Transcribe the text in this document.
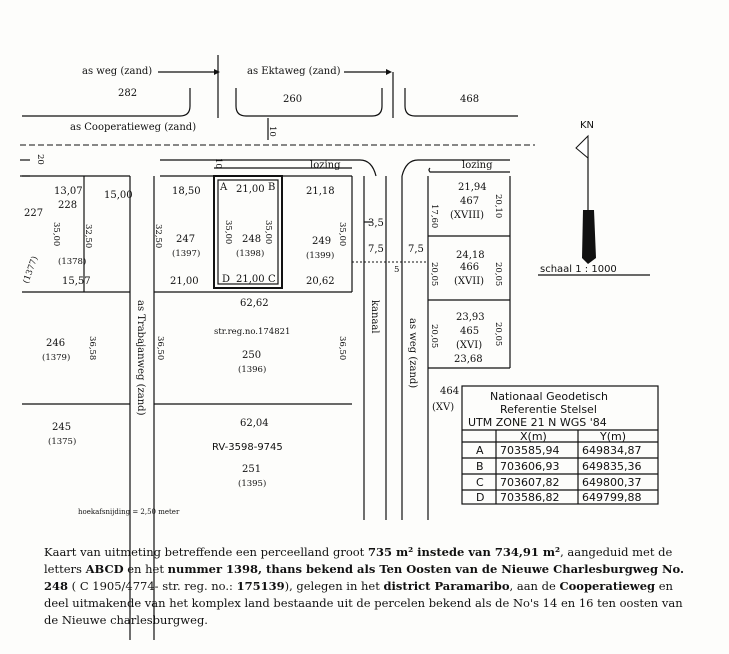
as weg (zand)	as Ektaweg (zand)
as Cooperatieweg (zand)
lozing	lozing
as Trabajanweg (zand)	kanaal
as weg (zand)
282
260	468
227
228
(1378)
(1377)
247
(1397)
248
(1398)
249
(1399)
467
(XVIII)
466
(XVII)
465
(XVI)
464
(XV)
246
(1379)
str.reg.no.174821
250
(1396)
245
(1375)	RV-3598-9745
251
(1395)
20
10
10
13,07 15,00	18,50	21,00	21,18
35,00	32,50
15,57
32,50
21,00
35,00	35,00
21,00
35,00
20,62
3,5
7,5 7,5
5
21,94
17,60	20,10
24,18
20,05	20,05
23,93
20,05	20,05
23,68
62,62
36,58	36,50	36,50
62,04
A	B
C
D
KN
schaal 1 : 1000
hoekafsnijding = 2,50 meter
Nationaal Geodetisch
Referentie Stelsel
UTM ZONE 21 N WGS '84
X(m)	Y(m)
A 703585,94 649834,87
B 703606,93 649835,36
C 703607,82 649800,37
D 703586,82 649799,88
Kaart van uitmeting betreffende een perceelland groot 735 m² instede van 734,91 m², aangeduid met de letters ABCD en het nummer 1398, thans bekend als Ten Oosten van de Nieuwe Charlesburgweg No. 248 ( C 1905/4774- str. reg. no.: 175139), gelegen in het district Paramaribo, aan de Cooperatieweg en deel uitmakende van het komplex land bestaande uit de percelen bekend als de No's 14 en 16 ten oosten van de Nieuwe charlesburgweg.
